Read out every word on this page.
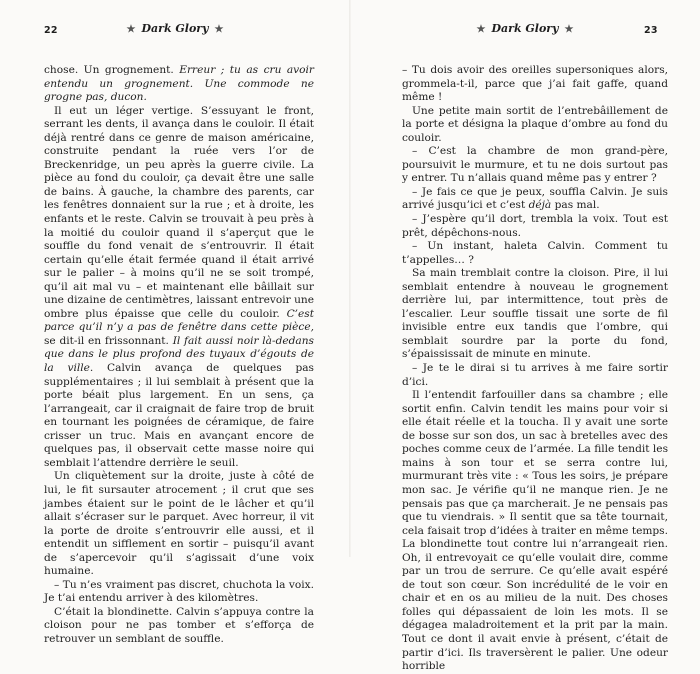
22	★ Dark Glory ★

chose. Un grognement. Erreur ; tu as cru avoir entendu un grognement. Une commode ne grogne pas, ducon.

Il eut un léger vertige. S’essuyant le front, serrant les dents, il avança dans le couloir. Il était déjà rentré dans ce genre de maison américaine, construite pendant la ruée vers l’or de Breckenridge, un peu après la guerre civile. La pièce au fond du couloir, ça devait être une salle de bains. À gauche, la chambre des parents, car les fenêtres donnaient sur la rue ; et à droite, les enfants et le reste. Calvin se trouvait à peu près à la moitié du couloir quand il s’aperçut que le souffle du fond venait de s’entrouvrir. Il était certain qu’elle était fermée quand il était arrivé sur le palier – à moins qu’il ne se soit trompé, qu’il ait mal vu – et maintenant elle bâillait sur une dizaine de centimètres, laissant entrevoir une ombre plus épaisse que celle du couloir. C’est parce qu’il n’y a pas de fenêtre dans cette pièce, se dit-il en frissonnant. Il fait aussi noir là-dedans que dans le plus profond des tuyaux d’égouts de la ville. Calvin avança de quelques pas supplémentaires ; il lui semblait à présent que la porte béait plus largement. En un sens, ça l’arrangeait, car il craignait de faire trop de bruit en tournant les poignées de céramique, de faire crisser un truc. Mais en avançant encore de quelques pas, il observait cette masse noire qui semblait l’attendre derrière le seuil.

Un cliquètement sur la droite, juste à côté de lui, le fit sursauter atrocement ; il crut que ses jambes étaient sur le point de le lâcher et qu’il allait s’écraser sur le parquet. Avec horreur, il vit la porte de droite s’entrouvrir elle aussi, et il entendit un sifflement en sortir – puisqu’il avant de s’apercevoir qu’il s’agissait d’une voix humaine.

– Tu n’es vraiment pas discret, chuchota la voix. Je t’ai entendu arriver à des kilomètres.

C’était la blondinette. Calvin s’appuya contre la cloison pour ne pas tomber et s’efforça de retrouver un semblant de souffle.

23
★ Dark Glory ★

– Tu dois avoir des oreilles supersoniques alors, grommela-t-il, parce que j’ai fait gaffe, quand même !

Une petite main sortit de l’entrebâillement de la porte et désigna la plaque d’ombre au fond du couloir.

– C’est la chambre de mon grand-père, poursuivit le murmure, et tu ne dois surtout pas y entrer. Tu n’allais quand même pas y entrer ?

– Je fais ce que je peux, souffla Calvin. Je suis arrivé jusqu’ici et c’est déjà pas mal.

– J’espère qu’il dort, trembla la voix. Tout est prêt, dépêchons-nous.

– Un instant, haleta Calvin. Comment tu t’appelles… ?

Sa main tremblait contre la cloison. Pire, il lui semblait entendre à nouveau le grognement derrière lui, par intermittence, tout près de l’escalier. Leur souffle tissait une sorte de fil invisible entre eux tandis que l’ombre, qui semblait sourdre par la porte du fond, s’épaississait de minute en minute.

– Je te le dirai si tu arrives à me faire sortir d’ici.

Il l’entendit farfouiller dans sa chambre ; elle sortit enfin. Calvin tendit les mains pour voir si elle était réelle et la toucha. Il y avait une sorte de bosse sur son dos, un sac à bretelles avec des poches comme ceux de l’armée. La fille tendit les mains à son tour et se serra contre lui, murmurant très vite : « Tous les soirs, je prépare mon sac. Je vérifie qu’il ne manque rien. Je ne pensais pas que ça marcherait. Je ne pensais pas que tu viendrais. » Il sentit que sa tête tournait, cela faisait trop d’idées à traiter en même temps. La blondinette tout contre lui n’arrangeait rien. Oh, il entrevoyait ce qu’elle voulait dire, comme par un trou de serrure. Ce qu’elle avait espéré de tout son cœur. Son incrédulité de le voir en chair et en os au milieu de la nuit. Des choses folles qui dépassaient de loin les mots. Il se dégagea maladroitement et la prit par la main. Tout ce dont il avait envie à présent, c’était de partir d’ici. Ils traversèrent le palier. Une odeur horrible
